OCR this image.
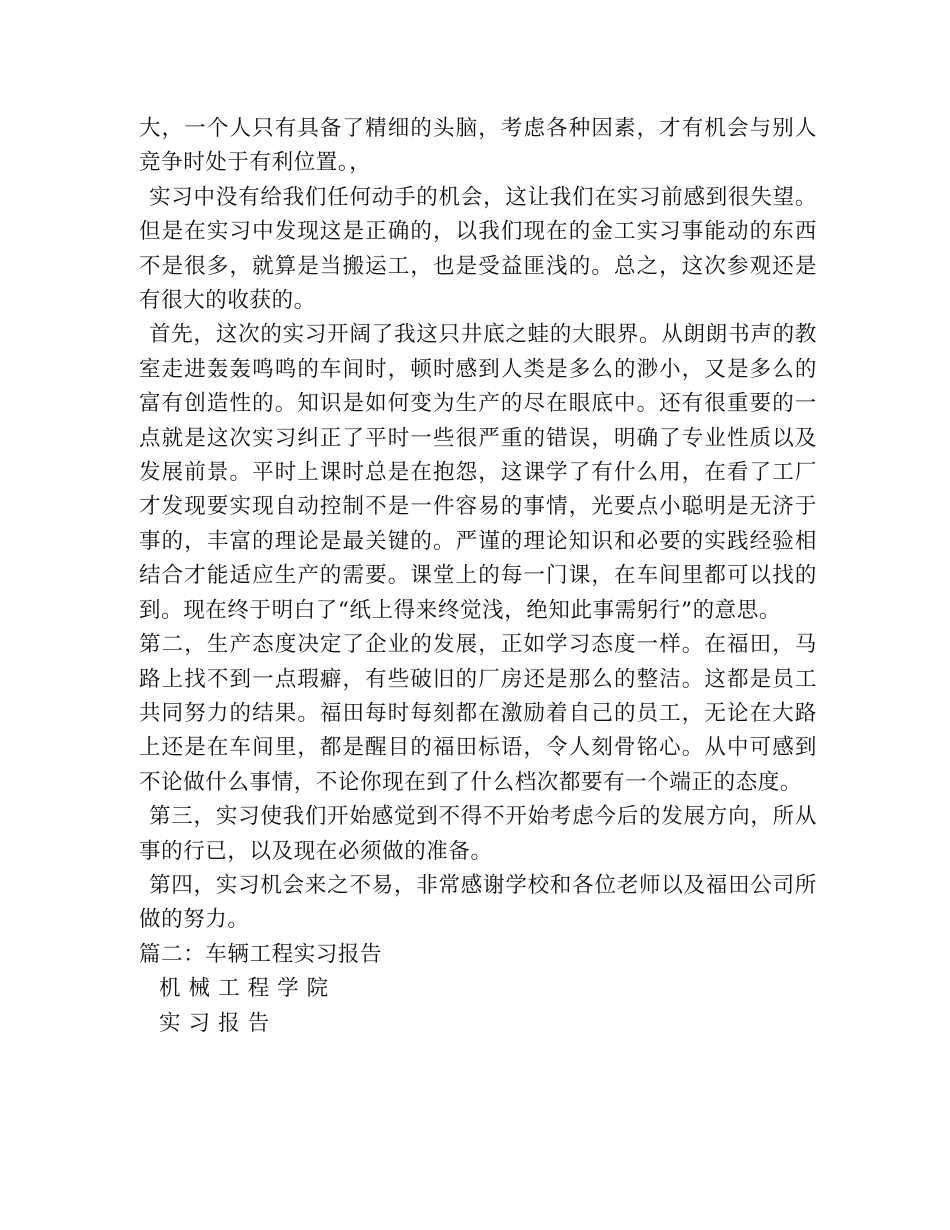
大，一个人只有具备了精细的头脑，考虑各种因素，才有机会与别人竞争时处于有利位置。，

实习中没有给我们任何动手的机会，这让我们在实习前感到很失望。但是在实习中发现这是正确的，以我们现在的金工实习事能动的东西不是很多，就算是当搬运工，也是受益匪浅的。总之，这次参观还是有很大的收获的。

首先，这次的实习开阔了我这只井底之蛙的大眼界。从朗朗书声的教室走进轰轰鸣鸣的车间时，顿时感到人类是多么的渺小，又是多么的富有创造性的。知识是如何变为生产的尽在眼底中。还有很重要的一点就是这次实习纠正了平时一些很严重的错误，明确了专业性质以及发展前景。平时上课时总是在抱怨，这课学了有什么用，在看了工厂才发现要实现自动控制不是一件容易的事情，光要点小聪明是无济于事的，丰富的理论是最关键的。严谨的理论知识和必要的实践经验相结合才能适应生产的需要。课堂上的每一门课，在车间里都可以找的到。现在终于明白了“纸上得来终觉浅，绝知此事需躬行”的意思。

第二，生产态度决定了企业的发展，正如学习态度一样。在福田，马路上找不到一点瑕癖，有些破旧的厂房还是那么的整洁。这都是员工共同努力的结果。福田每时每刻都在激励着自己的员工，无论在大路上还是在车间里，都是醒目的福田标语，令人刻骨铭心。从中可感到不论做什么事情，不论你现在到了什么档次都要有一个端正的态度。

第三，实习使我们开始感觉到不得不开始考虑今后的发展方向，所从事的行已，以及现在必须做的准备。

第四，实习机会来之不易，非常感谢学校和各位老师以及福田公司所做的努力。

篇二：车辆工程实习报告

机 械 工 程 学 院

实 习 报 告
